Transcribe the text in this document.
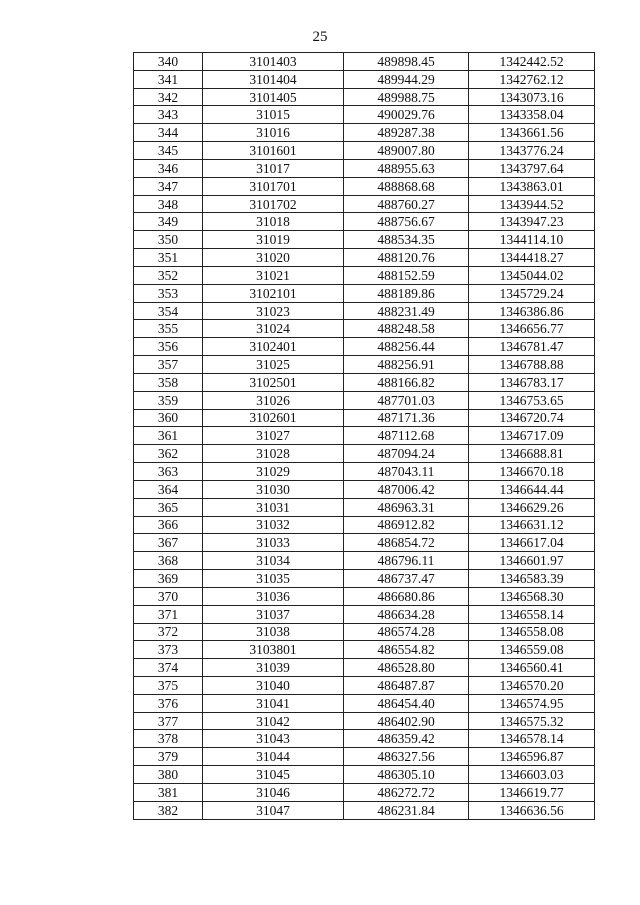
25
340	3101403	489898.45	1342442.52
341	3101404	489944.29	1342762.12
342	3101405	489988.75	1343073.16
343	31015	490029.76	1343358.04
344	31016	489287.38	1343661.56
345	3101601	489007.80	1343776.24
346	31017	488955.63	1343797.64
347	3101701	488868.68	1343863.01
348	3101702	488760.27	1343944.52
349	31018	488756.67	1343947.23
350	31019	488534.35	1344114.10
351	31020	488120.76	1344418.27
352	31021	488152.59	1345044.02
353	3102101	488189.86	1345729.24
354	31023	488231.49	1346386.86
355	31024	488248.58	1346656.77
356	3102401	488256.44	1346781.47
357	31025	488256.91	1346788.88
358	3102501	488166.82	1346783.17
359	31026	487701.03	1346753.65
360	3102601	487171.36	1346720.74
361	31027	487112.68	1346717.09
362	31028	487094.24	1346688.81
363	31029	487043.11	1346670.18
364	31030	487006.42	1346644.44
365	31031	486963.31	1346629.26
366	31032	486912.82	1346631.12
367	31033	486854.72	1346617.04
368	31034	486796.11	1346601.97
369	31035	486737.47	1346583.39
370	31036	486680.86	1346568.30
371	31037	486634.28	1346558.14
372	31038	486574.28	1346558.08
373	3103801	486554.82	1346559.08
374	31039	486528.80	1346560.41
375	31040	486487.87	1346570.20
376	31041	486454.40	1346574.95
377	31042	486402.90	1346575.32
378	31043	486359.42	1346578.14
379	31044	486327.56	1346596.87
380	31045	486305.10	1346603.03
381	31046	486272.72	1346619.77
382	31047	486231.84	1346636.56
